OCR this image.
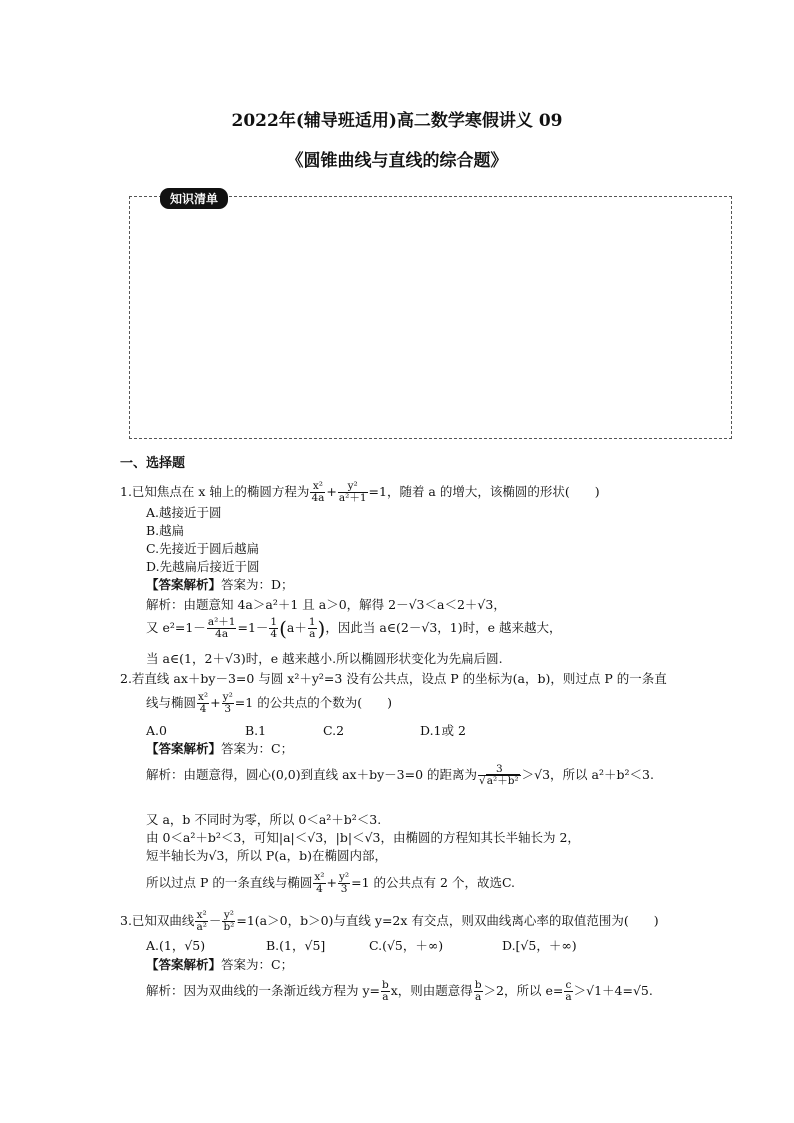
2022年(辅导班适用)高二数学寒假讲义 09
《圆锥曲线与直线的综合题》
知识清单
一、选择题
1.已知焦点在 x 轴上的椭圆方程为 $\frac{\text{x²}}{4a} + \frac{\text{y²}}{\text{a²＋1}} =1$，随着 a 的增大，该椭圆的形状(　　)
A.越接近于圆
B.越扁
C.先接近于圆后越扁
D.先越扁后接近于圆
【答案解析】答案为：D；
解析：由题意知 4a＞a²＋1 且 a＞0，解得 2－√3＜a＜2＋√3，
又 $e^2=1- \frac{\text{a²＋1}}{4a} =1- \frac{1}{4} (a+ \frac{1}{a}$ )，因此当 a∈(2－√3，1)时，e 越来越大，
当 a∈(1，2＋√3)时，e 越来越小.所以椭圆形状变化为先扁后圆.
2.若直线 ax＋by－3=0 与圆 x²＋y²=3 没有公共点，设点 P 的坐标为(a，b)，则过点 P 的一条直
线与椭圆 $\frac{\text{x²}}{4} + \frac{\text{y²}}{3} =1$ 的公共点的个数为(　　)
A.0	B.1	C.2	D.1或 2
【答案解析】答案为：C；
解析：由题意得，圆心(0,0)到直线 ax＋by－3=0 的距离为 $\frac{3}{\text{√a²＋b²}} >√3$，所以 a²＋b²＜3.
又 a，b 不同时为零，所以 0＜a²＋b²＜3.
由 0＜a²＋b²＜3，可知|a|＜√3，|b|＜√3，由椭圆的方程知其长半轴长为 2，
短半轴长为√3，所以 P(a，b)在椭圆内部，
所以过点 P 的一条直线与椭圆 $\frac{\text{x²}}{4} + \frac{\text{y²}}{3} =1$ 的公共点有 2 个，故选C.
3.已知双曲线 $\frac{\text{x²}}{\text{a²}} - \frac{\text{y²}}{\text{b²}} =1(a>0$，b＞0)与直线 y=2x 有交点，则双曲线离心率的取值范围为(　　)
A.(1，√5)	B.(1，√5]	C.(√5，＋∞)	D.[√5，＋∞)
【答案解析】答案为：C；
解析：因为双曲线的一条渐近线方程为 $y= \frac{b}{a}$ x，则由题意得 $\frac{b}{a} >2$，所以 $e= \frac{c}{a} >√1+4=√5$.
